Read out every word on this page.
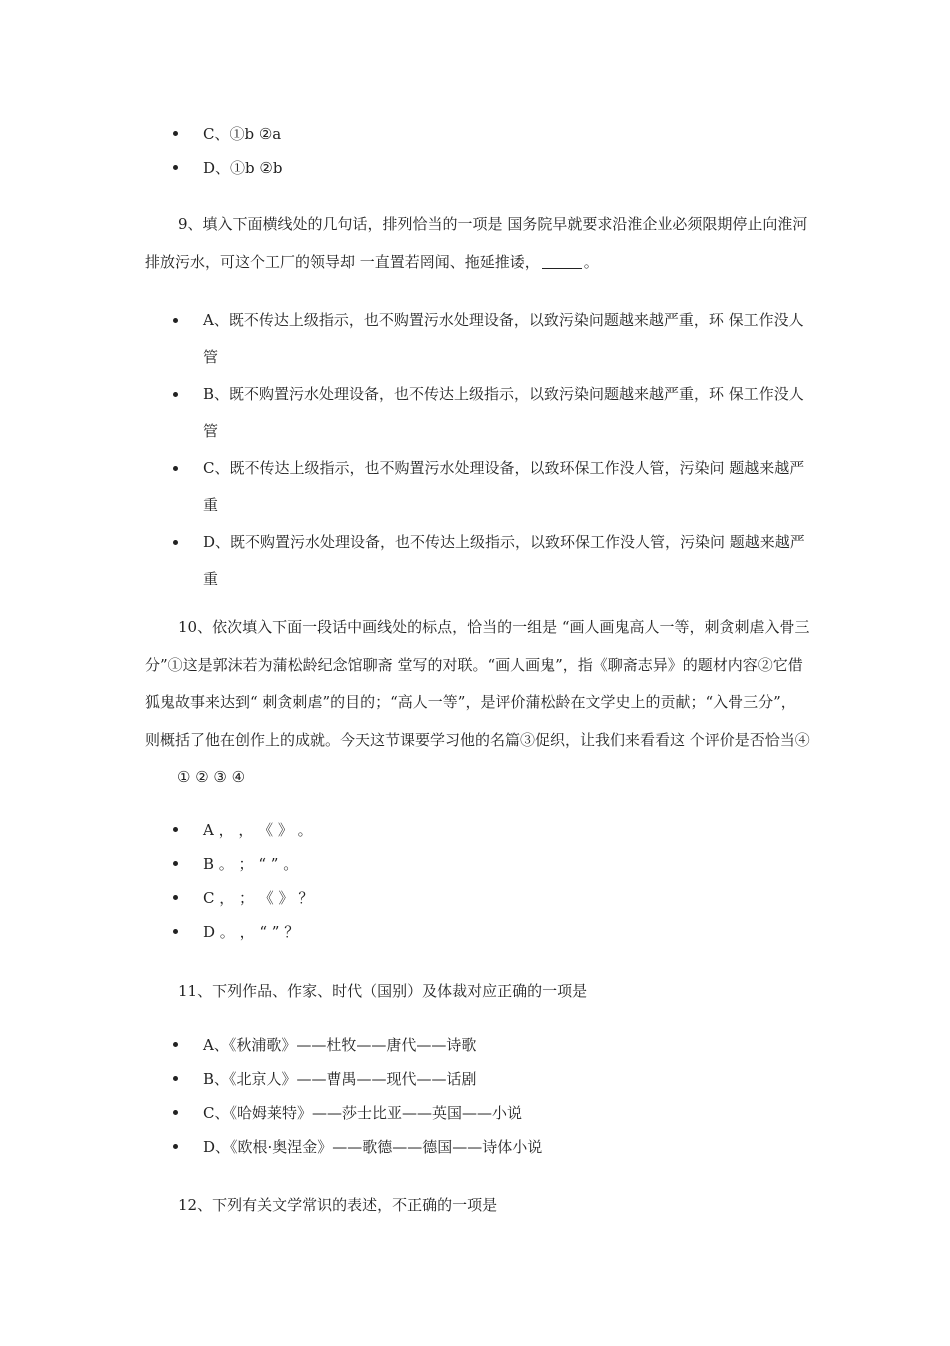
C、①b ②a
D、①b ②b

9、填入下面横线处的几句话，排列恰当的一项是 国务院早就要求沿淮企业必须限期停止向淮河排放污水，可这个工厂的领导却 一直置若罔闻、拖延推诿，	。

A、既不传达上级指示，也不购置污水处理设备，以致污染问题越来越严重，环 保工作没人管
B、既不购置污水处理设备，也不传达上级指示，以致污染问题越来越严重，环 保工作没人管
C、既不传达上级指示，也不购置污水处理设备，以致环保工作没人管，污染问 题越来越严重
D、既不购置污水处理设备，也不传达上级指示，以致环保工作没人管，污染问 题越来越严重

10、依次填入下面一段话中画线处的标点，恰当的一组是 “画人画鬼高人一等，刺贪刺虐入骨三分”①这是郭沫若为蒲松龄纪念馆聊斋 堂写的对联。“画人画鬼”，指《聊斋志异》的题材内容②它借狐鬼故事来达到“ 刺贪刺虐”的目的；“高人一等”，是评价蒲松龄在文学史上的贡献；“入骨三分”， 则概括了他在创作上的成就。今天这节课要学习他的名篇③促织，让我们来看看这 个评价是否恰当④① ② ③ ④

A ， ， 《 》 。
B 。 ； “ ” 。
C ， ； 《 》 ？
D 。 ， “ ” ？

11、下列作品、作家、时代（国别）及体裁对应正确的一项是

A、《秋浦歌》——杜牧——唐代——诗歌
B、《北京人》——曹禺——现代——话剧
C、《哈姆莱特》——莎士比亚——英国——小说
D、《欧根·奥涅金》——歌德——德国——诗体小说

12、下列有关文学常识的表述，不正确的一项是
